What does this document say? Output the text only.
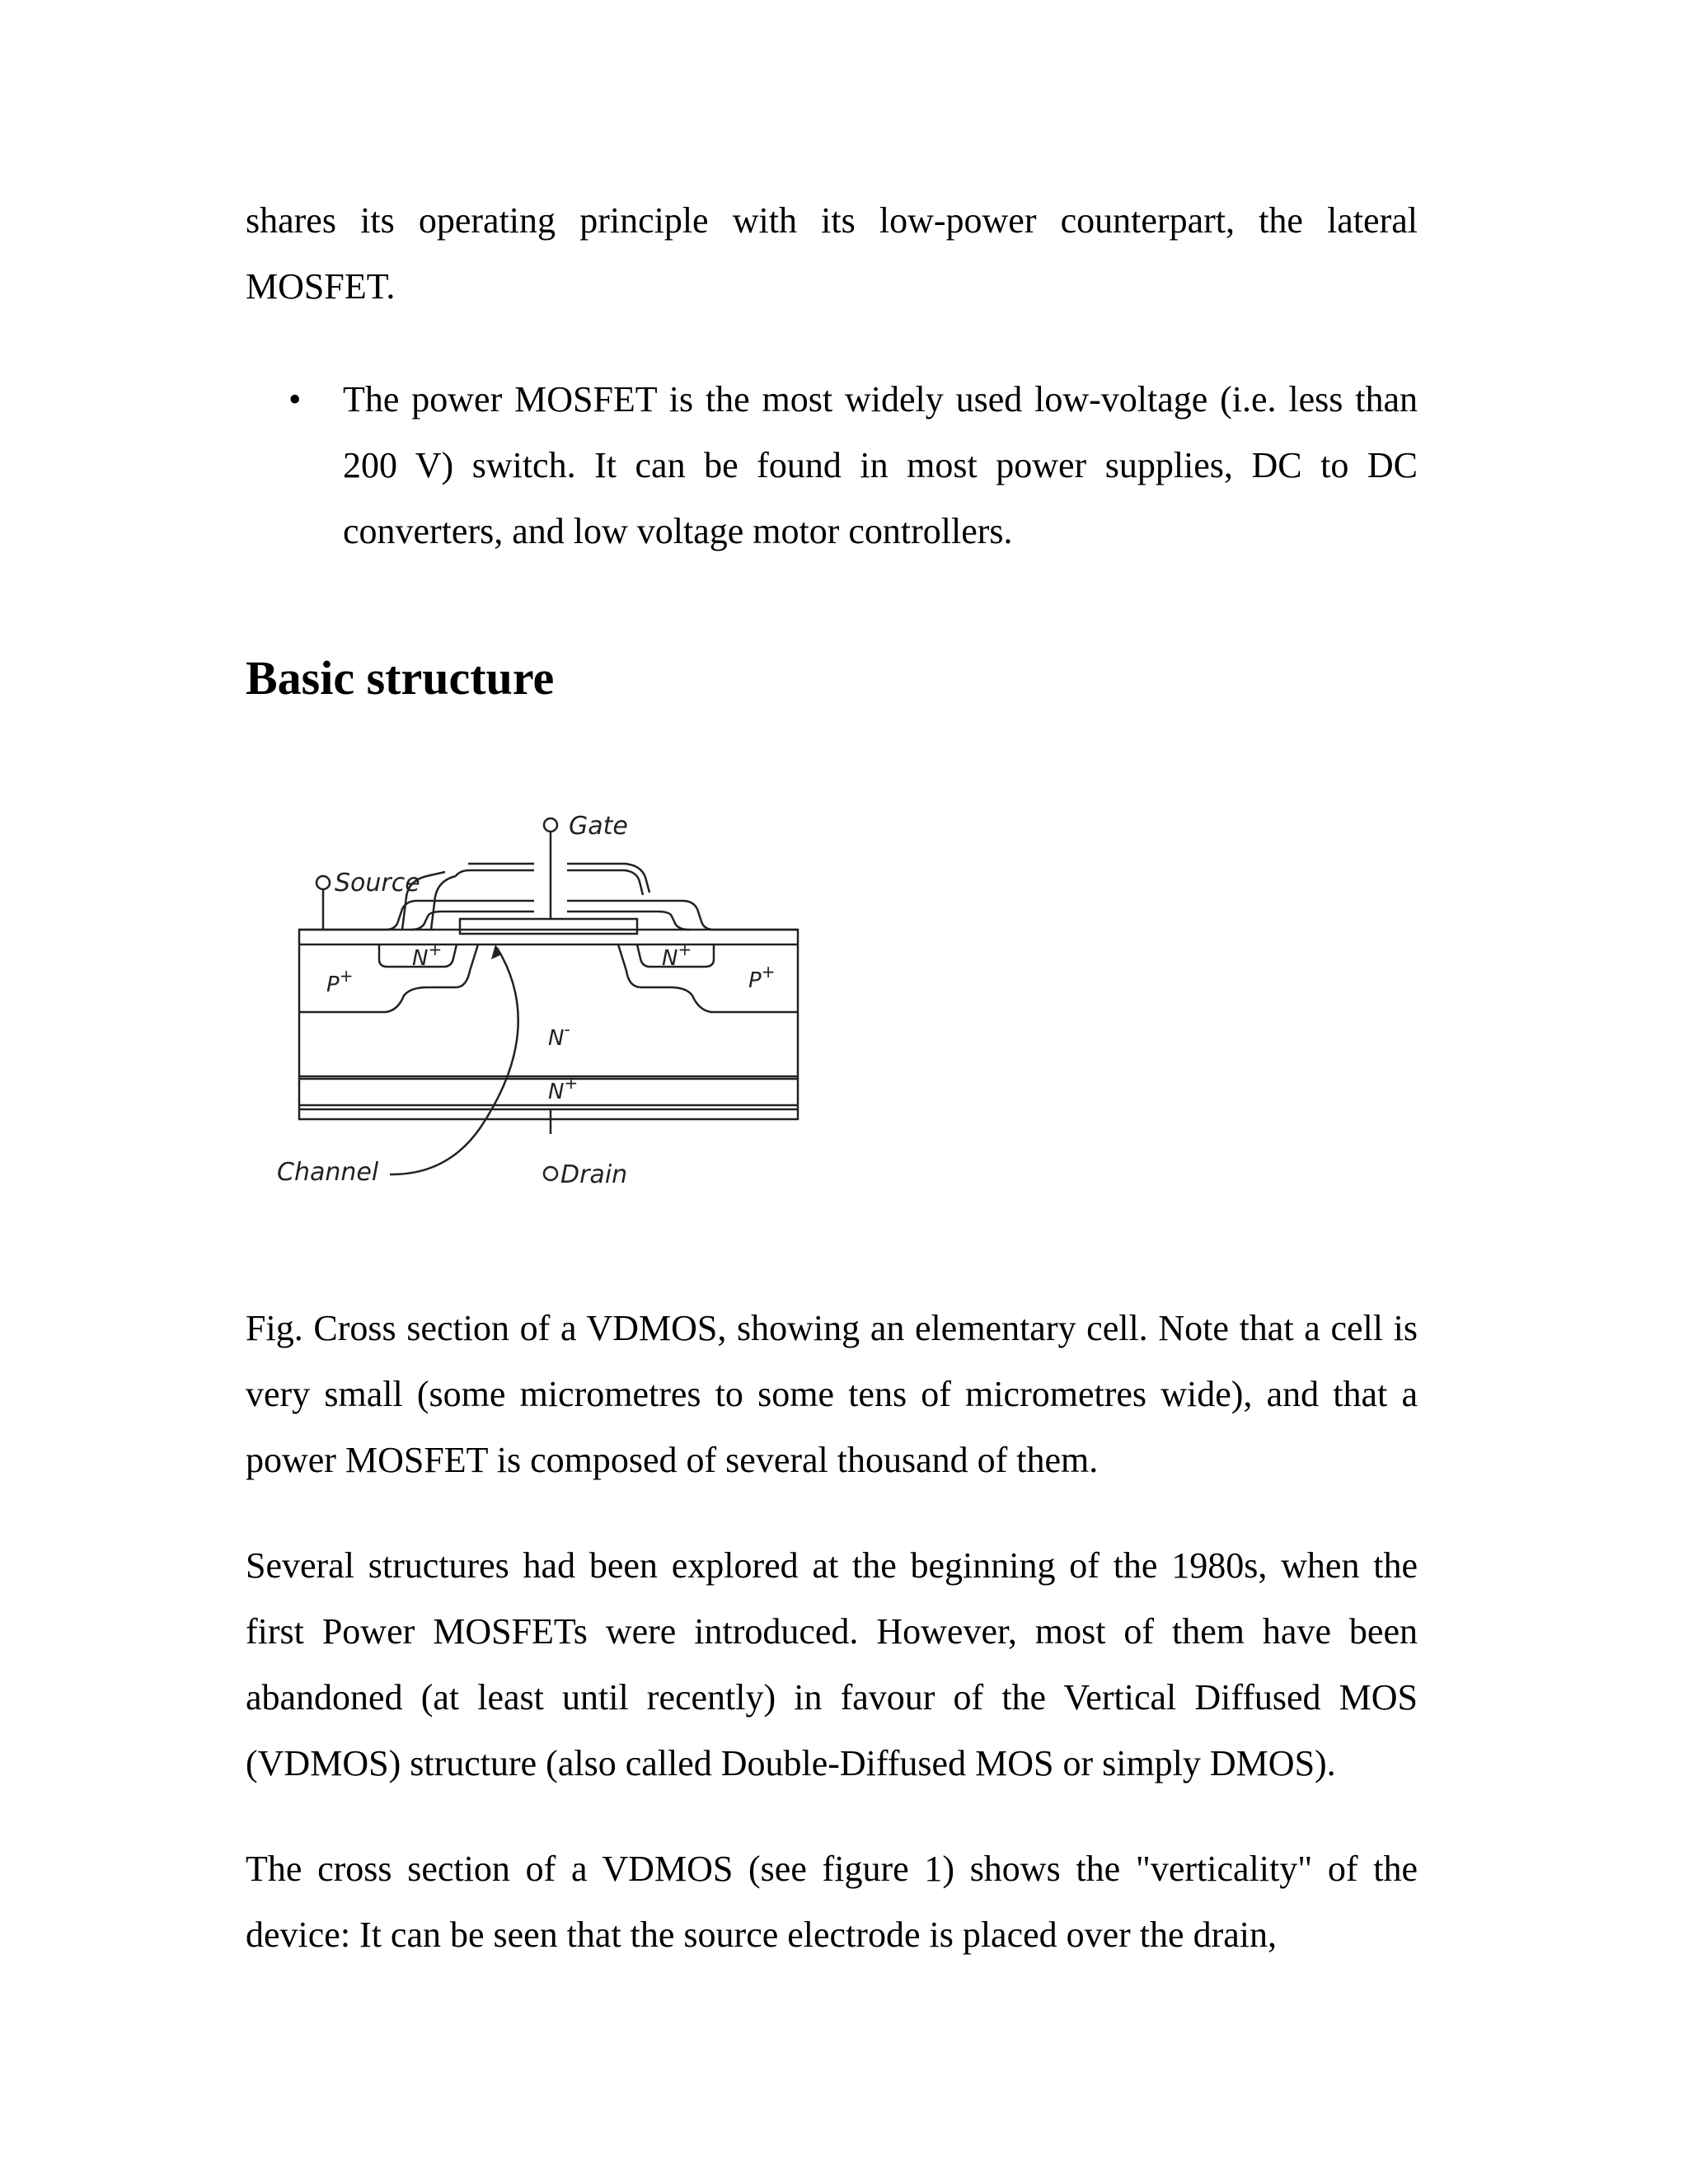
shares its operating principle with its low-power counterpart, the lateral MOSFET.

• The power MOSFET is the most widely used low-voltage (i.e. less than 200 V) switch. It can be found in most power supplies, DC to DC converters, and low voltage motor controllers.

Basic structure
Gate
Source
N+	N+
P+	P+
N-
N+
Channel	Drain

Fig. Cross section of a VDMOS, showing an elementary cell. Note that a cell is very small (some micrometres to some tens of micrometres wide), and that a power MOSFET is composed of several thousand of them.

Several structures had been explored at the beginning of the 1980s, when the first Power MOSFETs were introduced. However, most of them have been abandoned (at least until recently) in favour of the Vertical Diffused MOS (VDMOS) structure (also called Double-Diffused MOS or simply DMOS).

The cross section of a VDMOS (see figure 1) shows the "verticality" of the device: It can be seen that the source electrode is placed over the drain,
